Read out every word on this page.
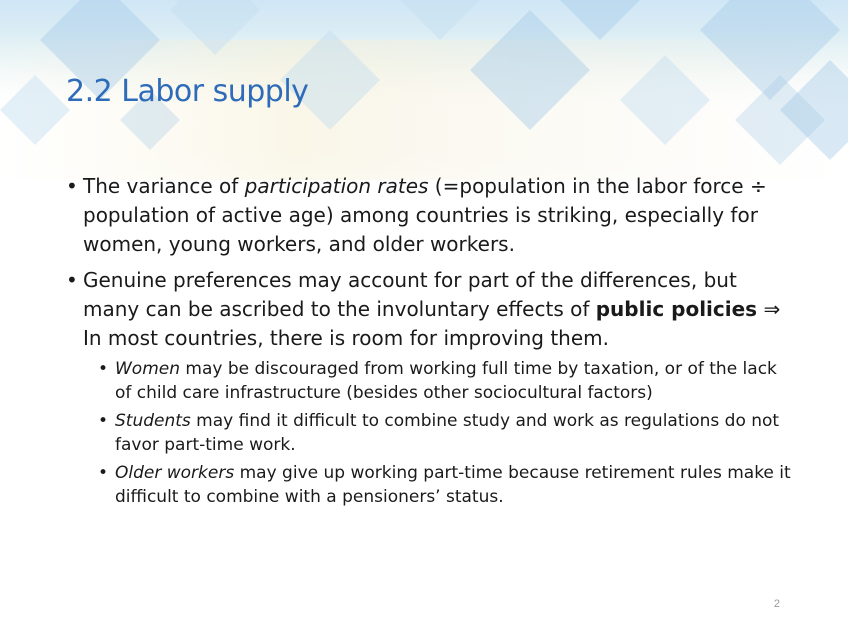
2.2 Labor supply
• The variance of participation rates (=population in the labor force ÷ population of active age) among countries is striking, especially for women, young workers, and older workers.
• Genuine preferences may account for part of the differences, but many can be ascribed to the involuntary effects of public policies ⇒ In most countries, there is room for improving them.
• Women may be discouraged from working full time by taxation, or of the lack of child care infrastructure (besides other sociocultural factors)
• Students may find it difficult to combine study and work as regulations do not favor part-time work.
• Older workers may give up working part-time because retirement rules make it difficult to combine with a pensioners’ status.
2
